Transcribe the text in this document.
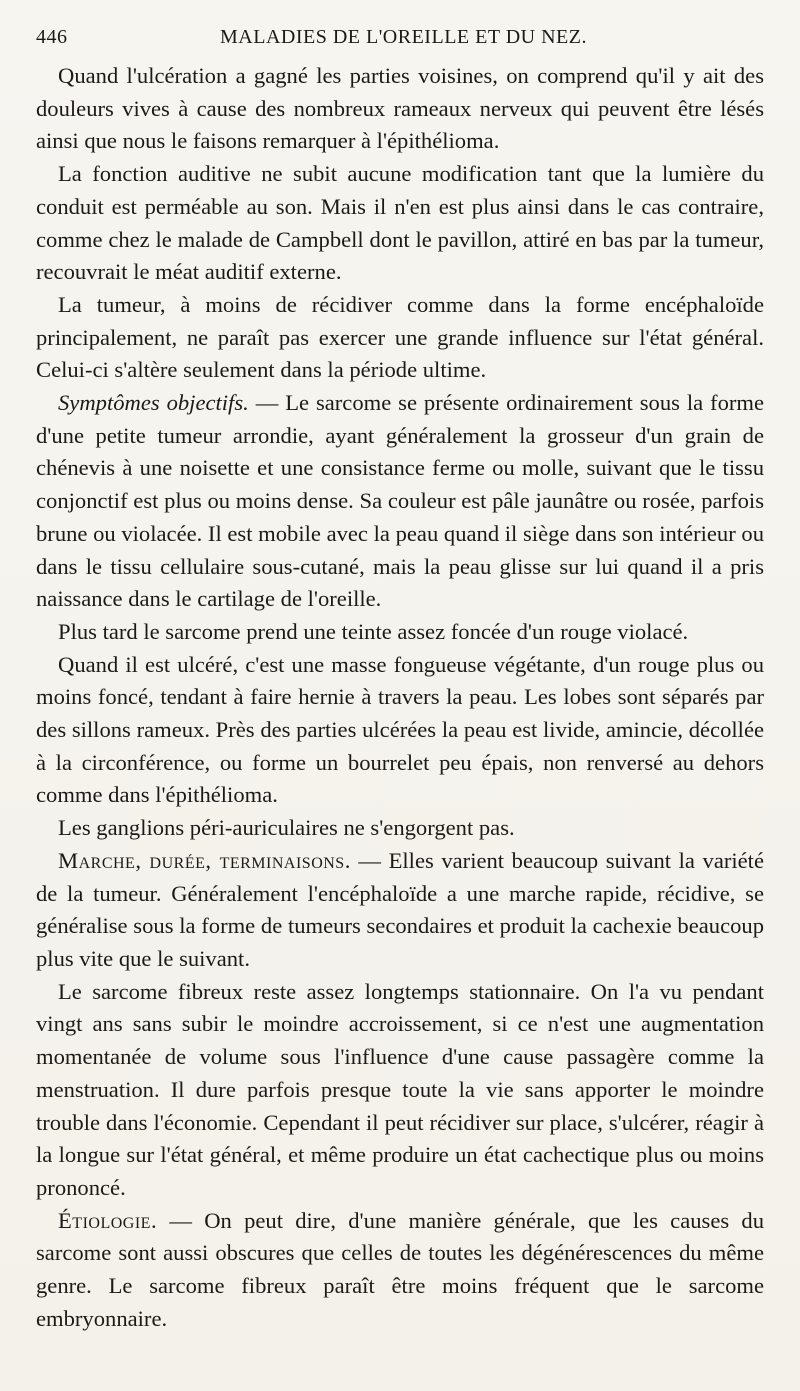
446	MALADIES DE L'OREILLE ET DU NEZ.

Quand l'ulcération a gagné les parties voisines, on comprend qu'il y ait des douleurs vives à cause des nombreux rameaux nerveux qui peuvent être lésés ainsi que nous le faisons remarquer à l'épithélioma.

La fonction auditive ne subit aucune modification tant que la lumière du conduit est perméable au son. Mais il n'en est plus ainsi dans le cas contraire, comme chez le malade de Campbell dont le pavillon, attiré en bas par la tumeur, recouvrait le méat auditif externe.

La tumeur, à moins de récidiver comme dans la forme encéphaloïde principalement, ne paraît pas exercer une grande influence sur l'état général. Celui-ci s'altère seulement dans la période ultime.

Symptômes objectifs. — Le sarcome se présente ordinairement sous la forme d'une petite tumeur arrondie, ayant généralement la grosseur d'un grain de chénevis à une noisette et une consistance ferme ou molle, suivant que le tissu conjonctif est plus ou moins dense. Sa couleur est pâle jaunâtre ou rosée, parfois brune ou violacée. Il est mobile avec la peau quand il siège dans son intérieur ou dans le tissu cellulaire sous-cutané, mais la peau glisse sur lui quand il a pris naissance dans le cartilage de l'oreille.

Plus tard le sarcome prend une teinte assez foncée d'un rouge violacé.

Quand il est ulcéré, c'est une masse fongueuse végétante, d'un rouge plus ou moins foncé, tendant à faire hernie à travers la peau. Les lobes sont séparés par des sillons rameux. Près des parties ulcérées la peau est livide, amincie, décollée à la circonférence, ou forme un bourrelet peu épais, non renversé au dehors comme dans l'épithélioma.

Les ganglions péri-auriculaires ne s'engorgent pas.

Marche, durée, terminaisons. — Elles varient beaucoup suivant la variété de la tumeur. Généralement l'encéphaloïde a une marche rapide, récidive, se généralise sous la forme de tumeurs secondaires et produit la cachexie beaucoup plus vite que le suivant.

Le sarcome fibreux reste assez longtemps stationnaire. On l'a vu pendant vingt ans sans subir le moindre accroissement, si ce n'est une augmentation momentanée de volume sous l'influence d'une cause passagère comme la menstruation. Il dure parfois presque toute la vie sans apporter le moindre trouble dans l'économie. Cependant il peut récidiver sur place, s'ulcérer, réagir à la longue sur l'état général, et même produire un état cachectique plus ou moins prononcé.

Étiologie. — On peut dire, d'une manière générale, que les causes du sarcome sont aussi obscures que celles de toutes les dégénérescences du même genre. Le sarcome fibreux paraît être moins fréquent que le sarcome embryonnaire.
